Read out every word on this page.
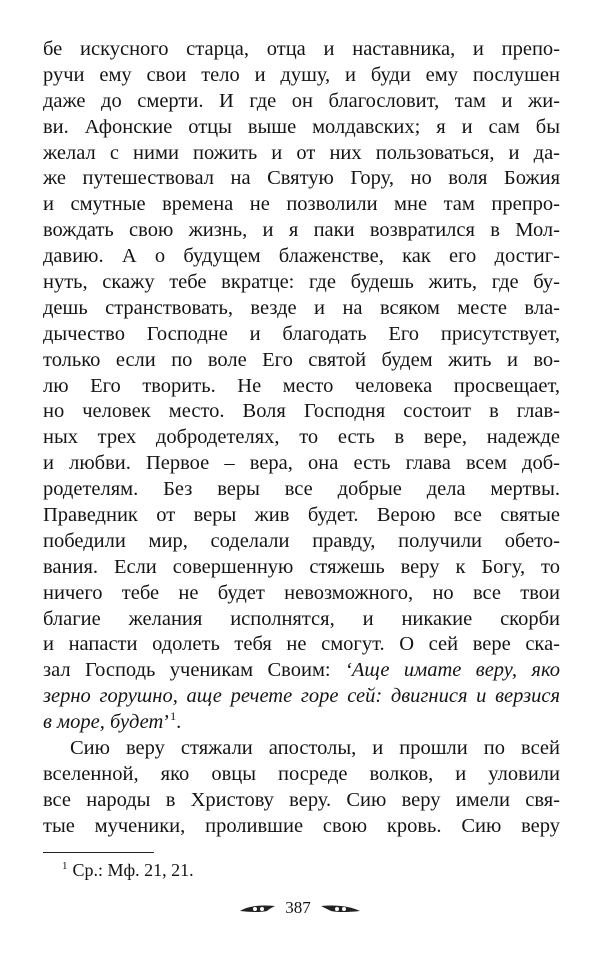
бе искусного старца, отца и наставника, и препо-
ручи ему свои тело и душу, и буди ему послушен
даже до смерти. И где он благословит, там и жи-
ви. Афонские отцы выше молдавских; я и сам бы
желал с ними пожить и от них пользоваться, и да-
же путешествовал на Святую Гору, но воля Божия
и смутные времена не позволили мне там препро-
вождать свою жизнь, и я паки возвратился в Мол-
давию. А о будущем блаженстве, как его достиг-
нуть, скажу тебе вкратце: где будешь жить, где бу-
дешь странствовать, везде и на всяком месте вла-
дычество Господне и благодать Его присутствует,
только если по воле Его святой будем жить и во-
лю Его творить. Не место человека просвещает,
но человек место. Воля Господня состоит в глав-
ных трех добродетелях, то есть в вере, надежде
и любви. Первое – вера, она есть глава всем доб-
родетелям. Без веры все добрые дела мертвы.
Праведник от веры жив будет. Верою все святые
победили мир, соделали правду, получили обето-
вания. Если совершенную стяжешь веру к Богу, то
ничего тебе не будет невозможного, но все твои
благие желания исполнятся, и никакие скорби
и напасти одолеть тебя не смогут. О сей вере ска-
зал Господь ученикам Своим: ‘Аще имате веру, яко
зерно горушно, аще речете горе сей: двигнися и верзися
в море, будет’$^1$.
Сию веру стяжали апостолы, и прошли по всей
вселенной, яко овцы посреде волков, и уловили
все народы в Христову веру. Сию веру имели свя-
тые мученики, пролившие свою кровь. Сию веру
$^1$ Ср.: Мф. 21, 21.
387
